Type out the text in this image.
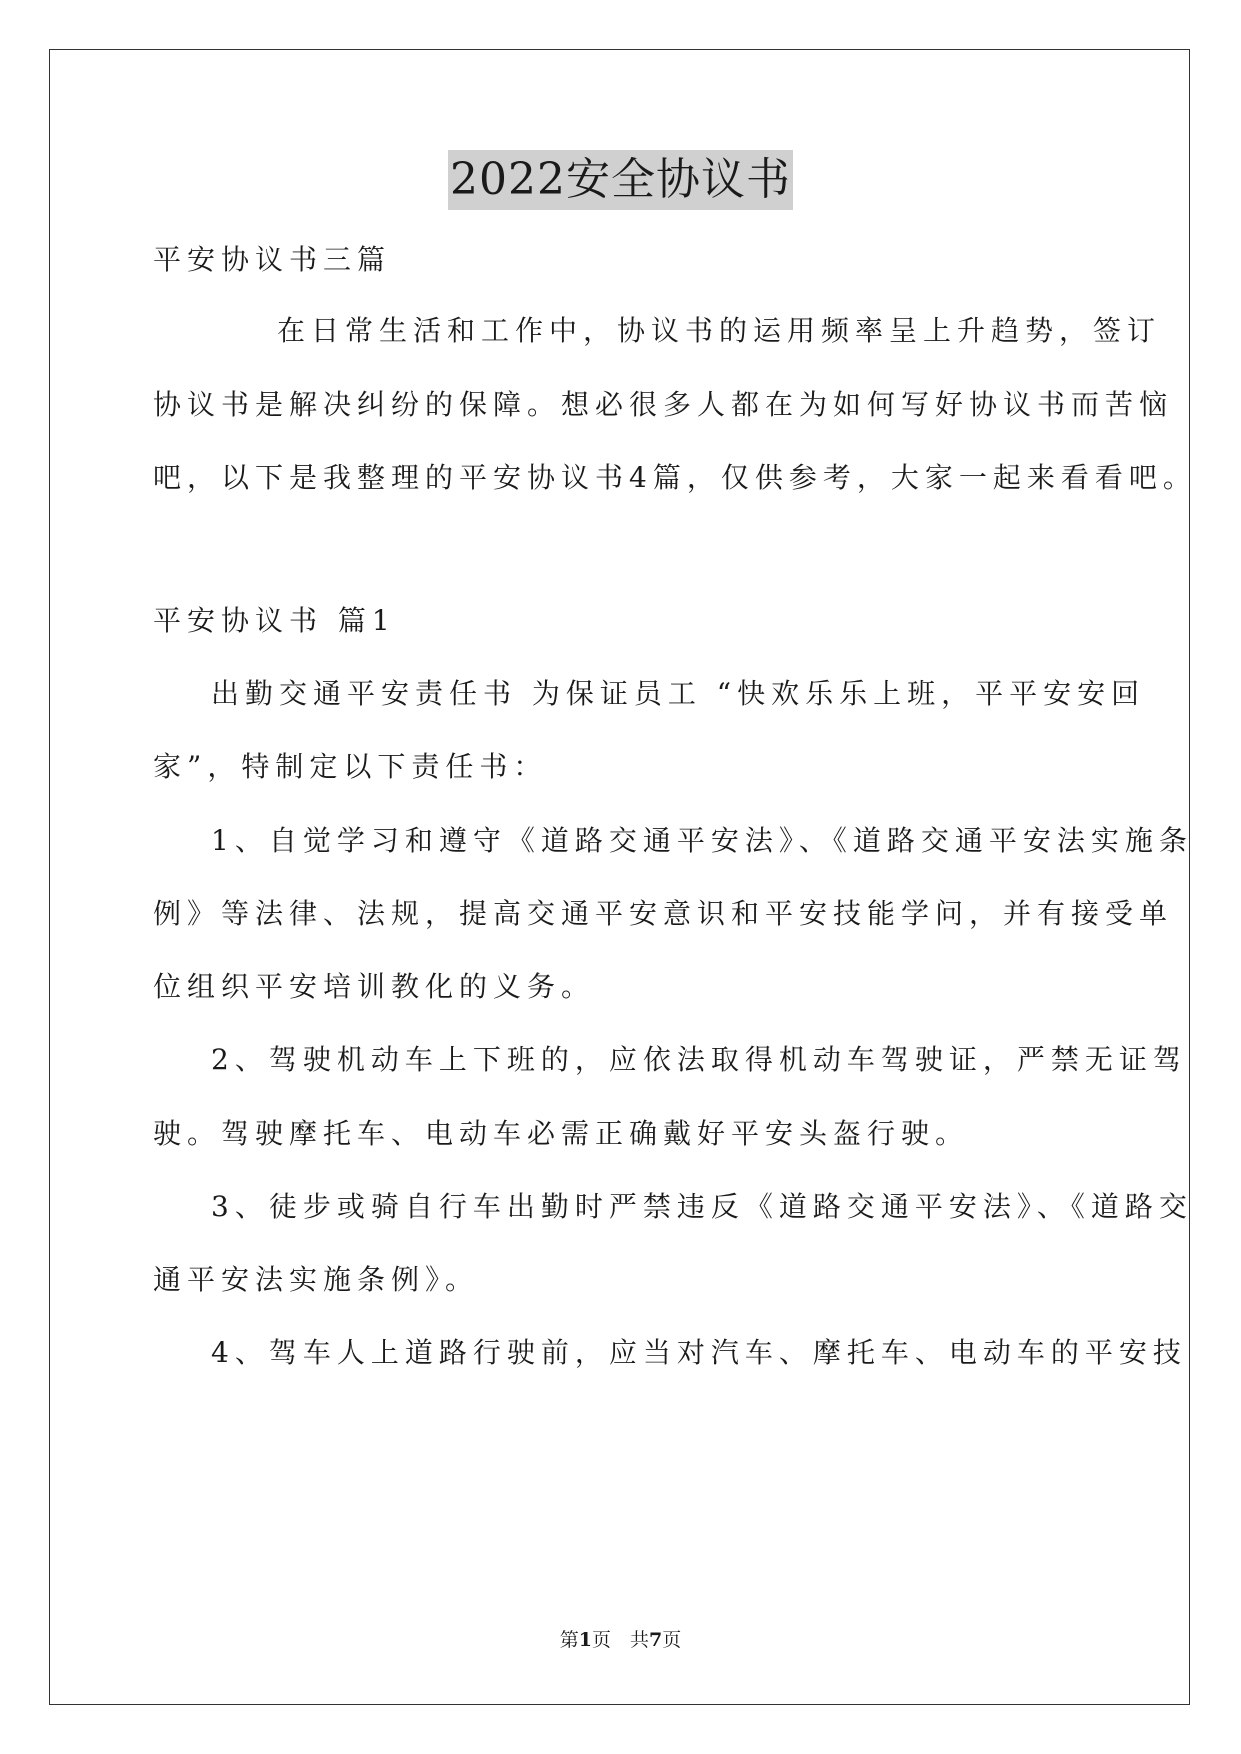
2022安全协议书
平安协议书三篇
　　在日常生活和工作中，协议书的运用频率呈上升趋势，签订
协议书是解决纠纷的保障。想必很多人都在为如何写好协议书而苦恼
吧，以下是我整理的平安协议书4篇，仅供参考，大家一起来看看吧。
平安协议书 篇1
　出勤交通平安责任书 为保证员工 “快欢乐乐上班，平平安安回
家”，特制定以下责任书：
　1、自觉学习和遵守《道路交通平安法》、《道路交通平安法实施条
例》等法律、法规，提高交通平安意识和平安技能学问，并有接受单
位组织平安培训教化的义务。
　2、驾驶机动车上下班的，应依法取得机动车驾驶证，严禁无证驾
驶。驾驶摩托车、电动车必需正确戴好平安头盔行驶。
　3、徒步或骑自行车出勤时严禁违反《道路交通平安法》、《道路交
通平安法实施条例》。
　4、驾车人上道路行驶前，应当对汽车、摩托车、电动车的平安技
第1页　共7页
